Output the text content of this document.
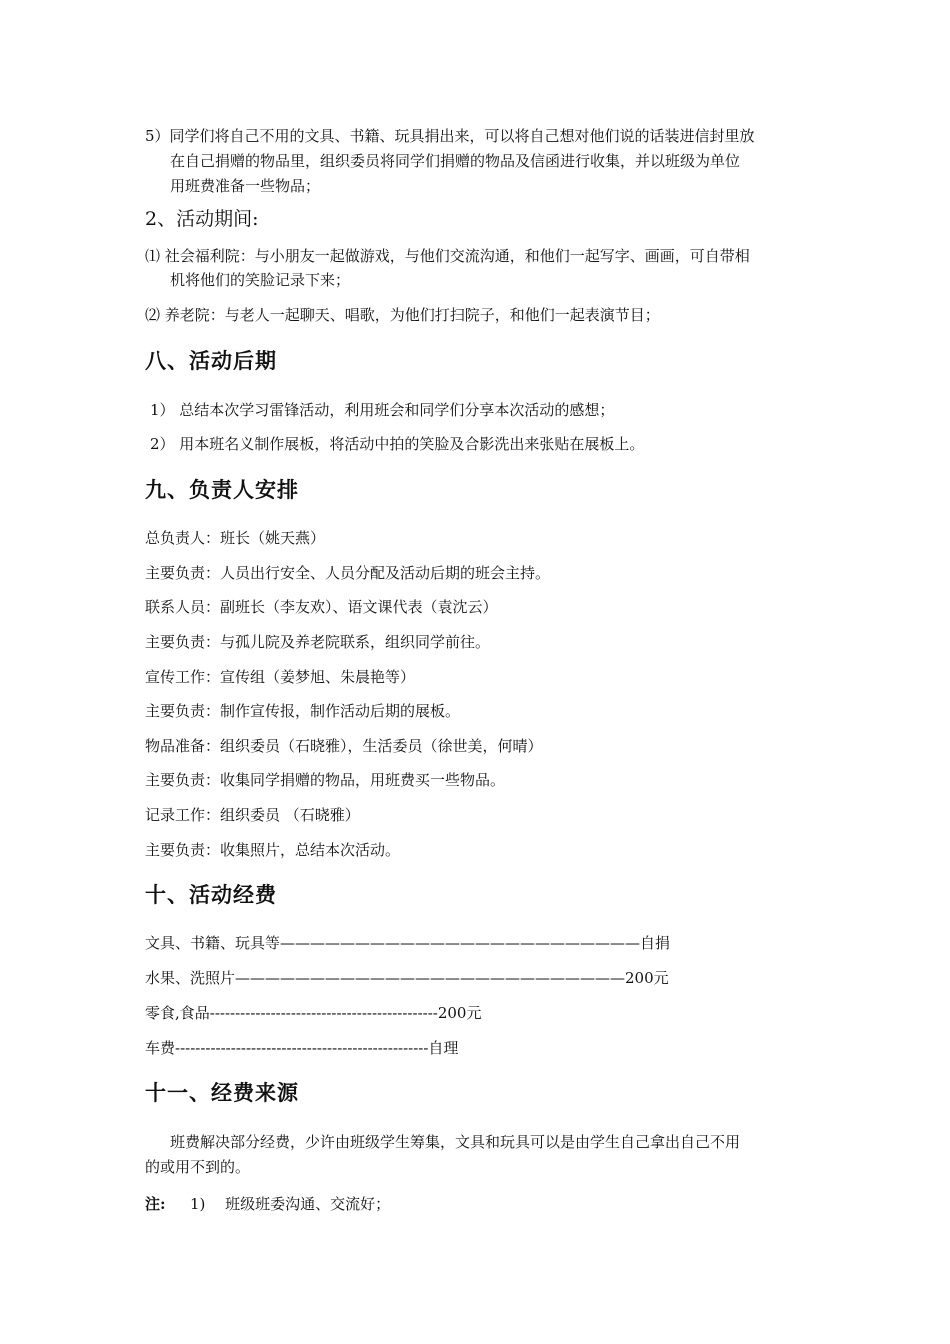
5）同学们将自己不用的文具、书籍、玩具捐出来，可以将自己想对他们说的话装进信封里放

在自己捐赠的物品里，组织委员将同学们捐赠的物品及信函进行收集，并以班级为单位

用班费准备一些物品；

2、活动期间:

⑴ 社会福利院：与小朋友一起做游戏，与他们交流沟通，和他们一起写字、画画，可自带相

机将他们的笑脸记录下来；

⑵ 养老院：与老人一起聊天、唱歌，为他们打扫院子，和他们一起表演节目；

八、活动后期

1） 总结本次学习雷锋活动，利用班会和同学们分享本次活动的感想；

2） 用本班名义制作展板，将活动中拍的笑脸及合影洗出来张贴在展板上。

九、负责人安排

总负责人：班长（姚天燕）

主要负责：人员出行安全、人员分配及活动后期的班会主持。

联系人员：副班长（李友欢）、语文课代表（袁沈云）

主要负责：与孤儿院及养老院联系，组织同学前往。

宣传工作：宣传组（姜梦旭、朱晨艳等）

主要负责：制作宣传报，制作活动后期的展板。

物品准备：组织委员（石晓雅），生活委员（徐世美，何晴）

主要负责：收集同学捐赠的物品，用班费买一些物品。

记录工作：组织委员 （石晓雅）

主要负责：收集照片，总结本次活动。

十、活动经费

文具、书籍、玩具等————————————————————————自捐

水果、洗照片——————————————————————————200元

零食,食品---------------------------------------------200元

车费--------------------------------------------------自理

十一、经费来源

班费解决部分经费，少许由班级学生筹集，文具和玩具可以是由学生自己拿出自己不用

的或用不到的。

注: 1)　 班级班委沟通、交流好；
